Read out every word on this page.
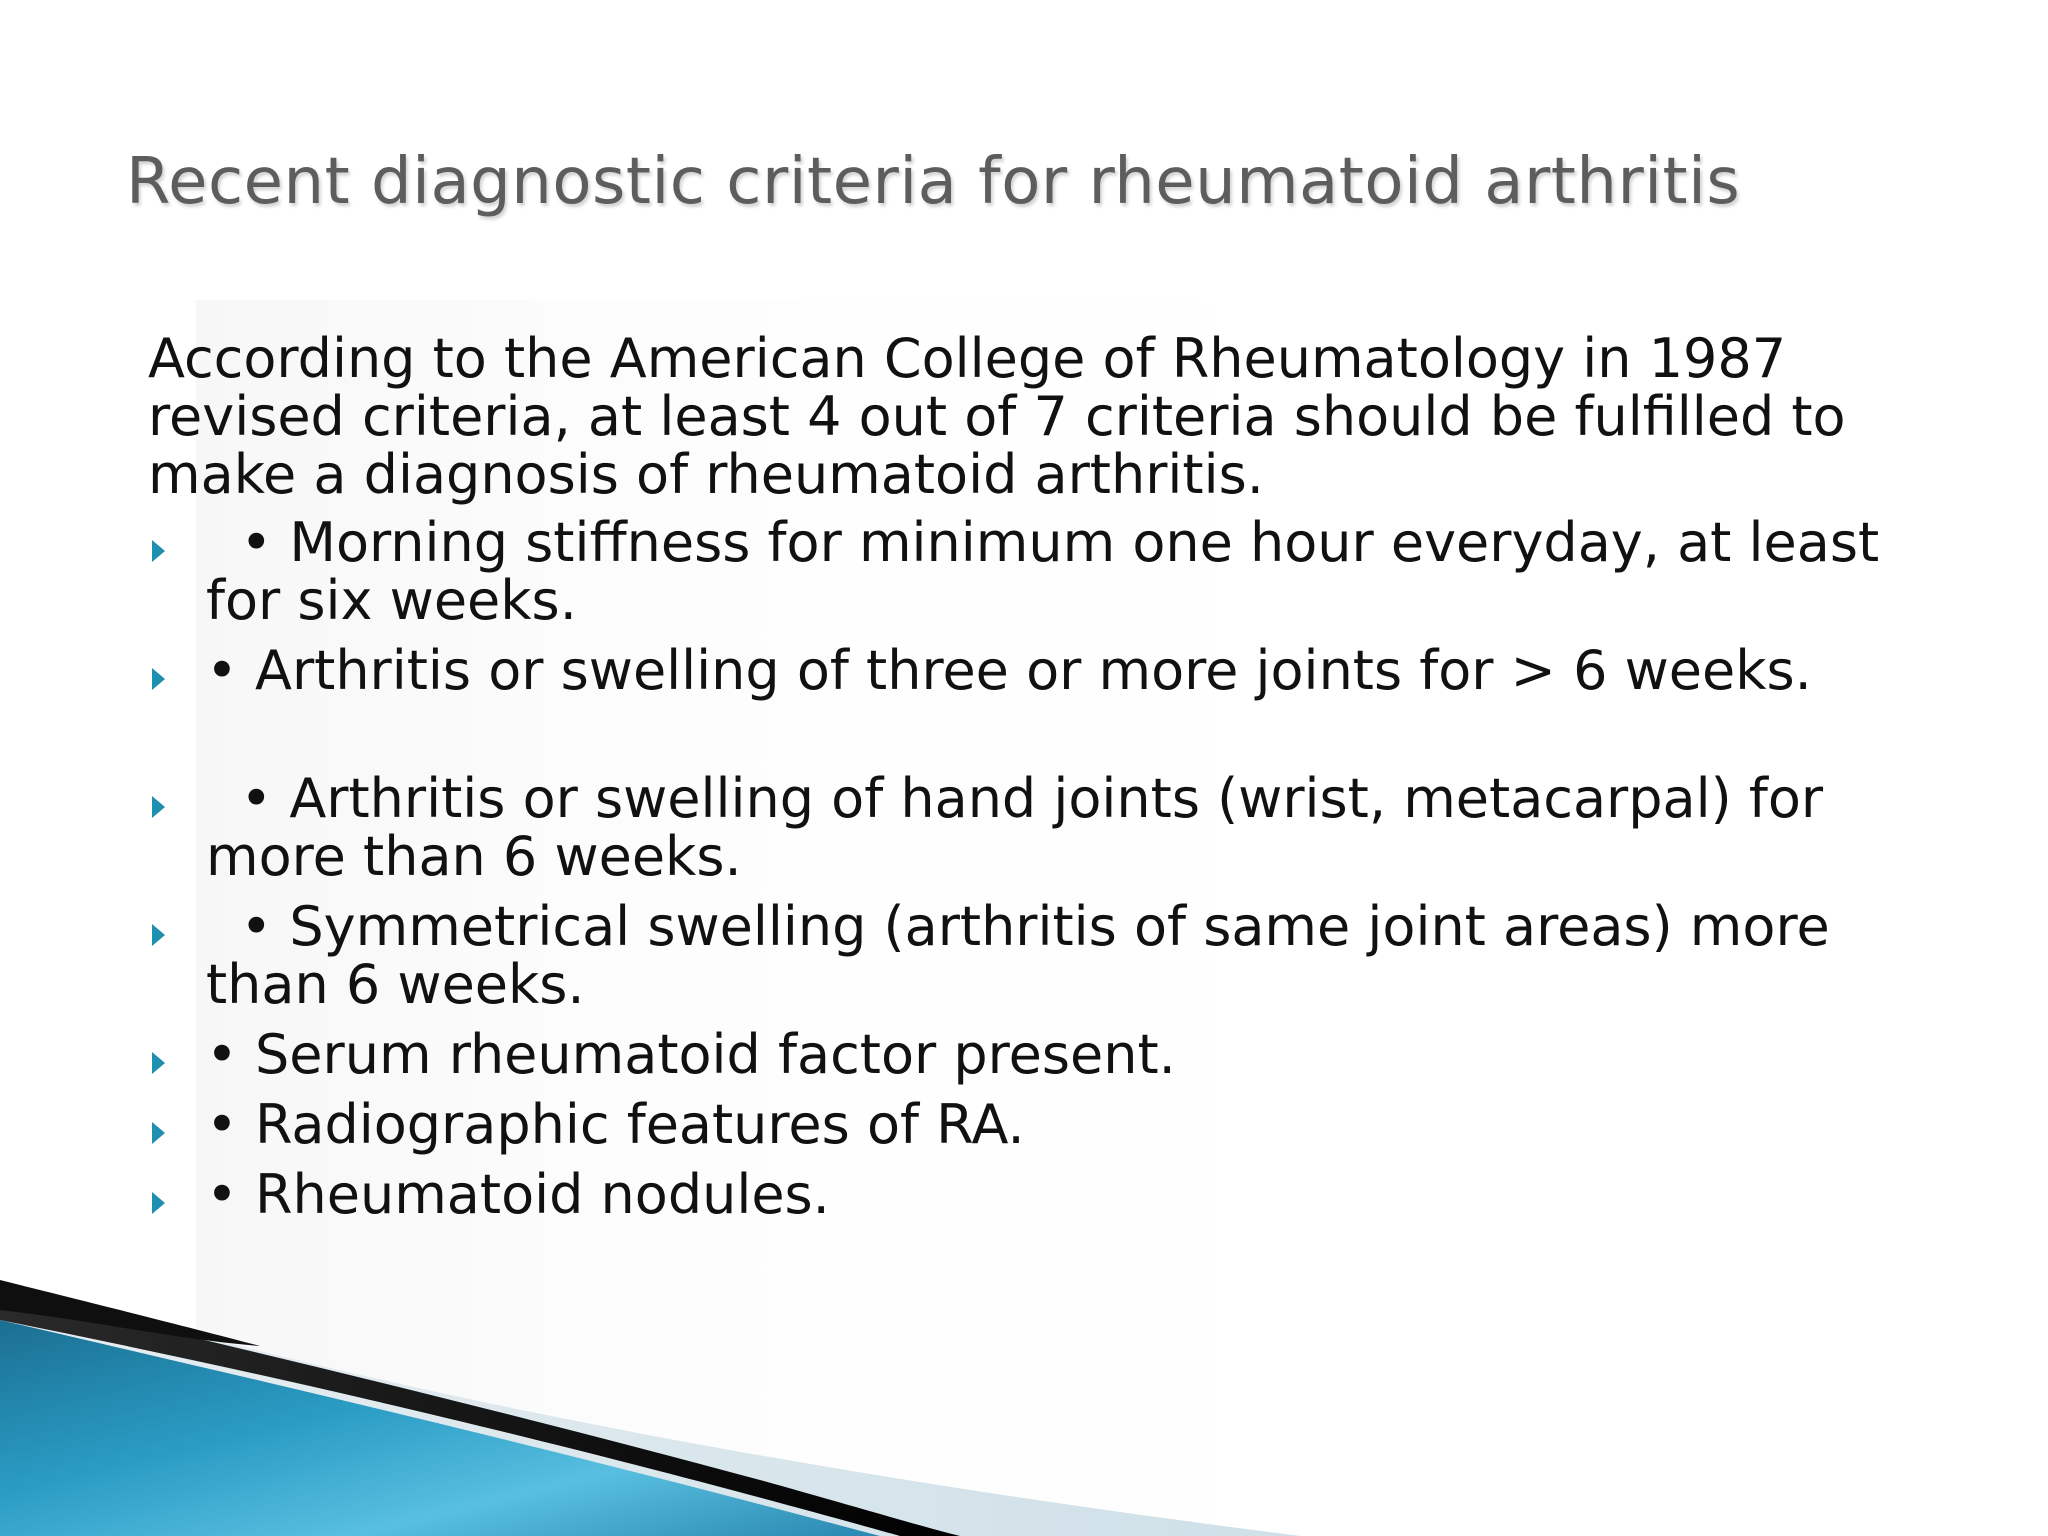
Recent diagnostic criteria for rheumatoid arthritis

According to the American College of Rheumatology in 1987 revised criteria, at least 4 out of 7 criteria should be fulfilled to make a diagnosis of rheumatoid arthritis.

• Morning stiffness for minimum one hour everyday, at least for six weeks.
• Arthritis or swelling of three or more joints for > 6 weeks.
• Arthritis or swelling of hand joints (wrist, metacarpal) for more than 6 weeks.
• Symmetrical swelling (arthritis of same joint areas) more than 6 weeks.
• Serum rheumatoid factor present.
• Radiographic features of RA.
• Rheumatoid nodules.
